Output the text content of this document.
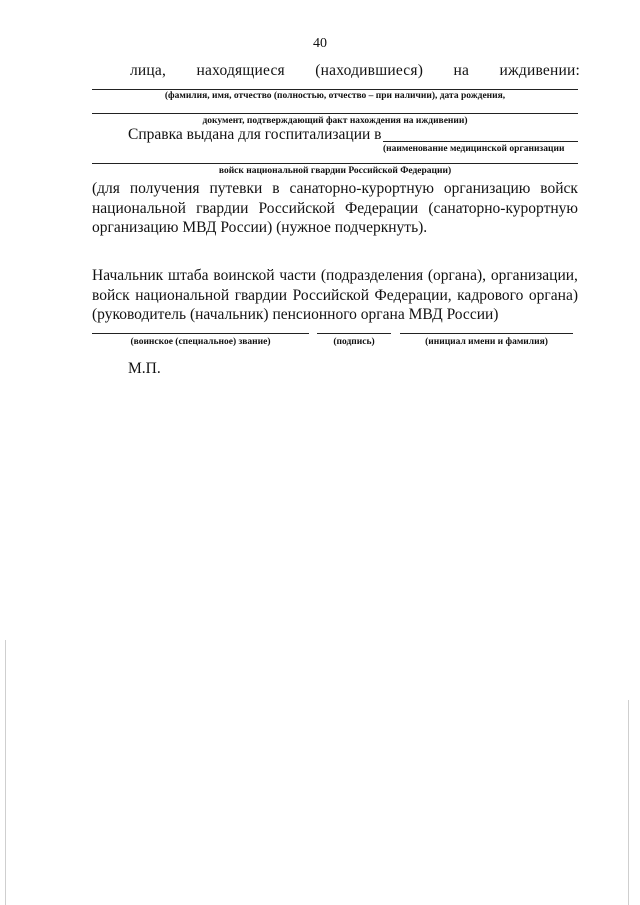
40
лица, находящиеся (находившиеся) на иждивении:
(фамилия, имя, отчество (полностью, отчество – при наличии), дата рождения,
документ, подтверждающий факт нахождения на иждивении)
Справка выдана для госпитализации в
(наименование медицинской организации
войск национальной гвардии Российской Федерации)
(для получения путевки в санаторно-курортную организацию войск
национальной гвардии Российской Федерации (санаторно-курортную
организацию МВД России) (нужное подчеркнуть).
Начальник штаба воинской части (подразделения (органа), организации,
войск национальной гвардии Российской Федерации, кадрового органа)
(руководитель (начальник) пенсионного органа МВД России)
(воинское (специальное) звание)	(подпись)	(инициал имени и фамилия)
М.П.
